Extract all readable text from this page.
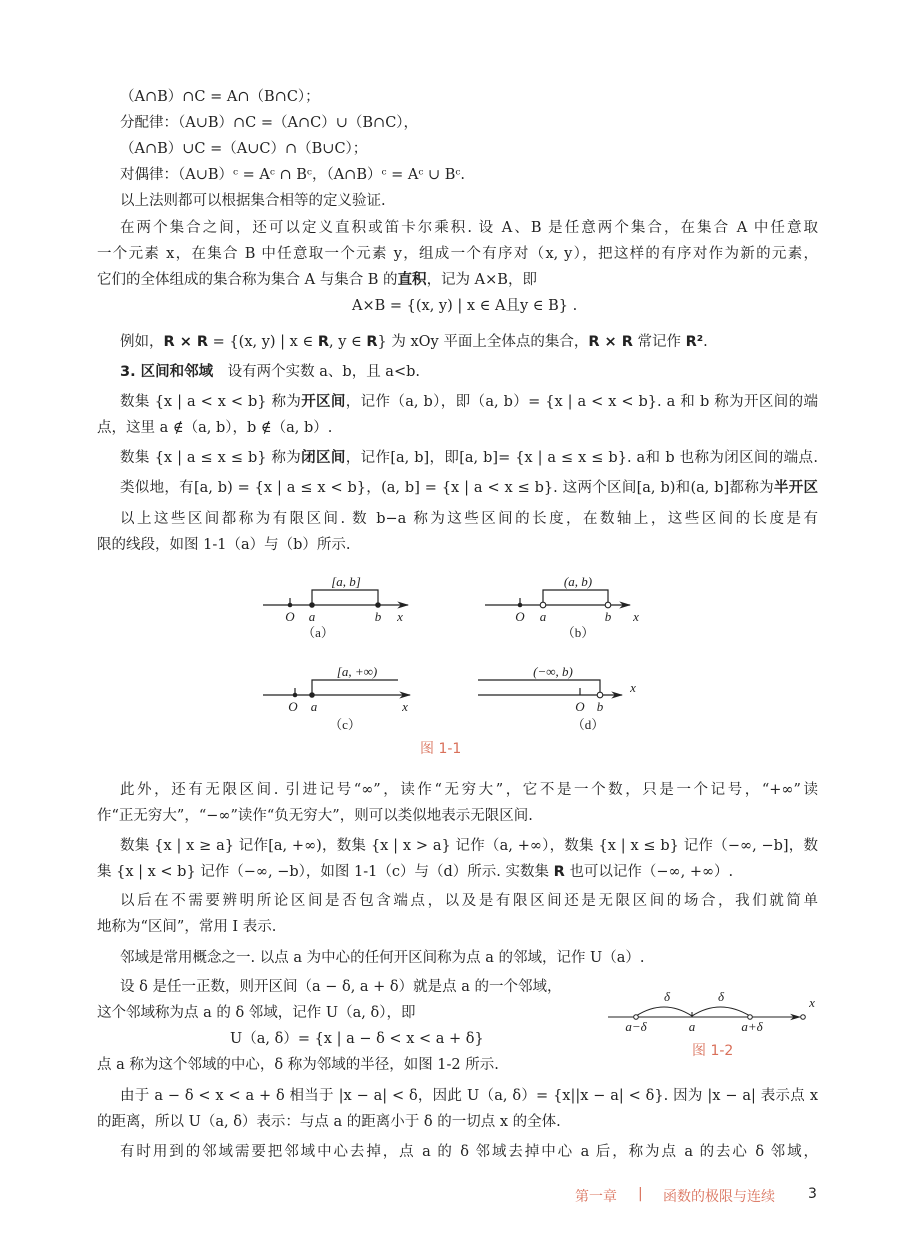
（A∩B）∩C = A∩（B∩C）；
分配律：（A∪B）∩C =（A∩C）∪（B∩C），
（A∩B）∪C =（A∪C）∩（B∪C）；
对偶律：（A∪B）ᶜ = Aᶜ ∩ Bᶜ，（A∩B）ᶜ = Aᶜ ∪ Bᶜ.
以上法则都可以根据集合相等的定义验证.
在两个集合之间，还可以定义直积或笛卡尔乘积. 设 A、B 是任意两个集合，在集合 A 中任意取
一个元素 x，在集合 B 中任意取一个元素 y，组成一个有序对（x, y），把这样的有序对作为新的元素，
它们的全体组成的集合称为集合 A 与集合 B 的直积，记为 A×B，即
A×B = {(x, y) | x ∈ A且y ∈ B} .
例如，R × R = {(x, y) | x ∈ R, y ∈ R} 为 xOy 平面上全体点的集合，R × R 常记作 R².
3. 区间和邻域　设有两个实数 a、b，且 a<b.
数集 {x | a < x < b} 称为开区间，记作（a, b），即（a, b）= {x | a < x < b}. a 和 b 称为开区间的端
点，这里 a ∉（a, b），b ∉（a, b）.
数集 {x | a ≤ x ≤ b} 称为闭区间，记作[a, b]，即[a, b]= {x | a ≤ x ≤ b}. a和 b 也称为闭区间的端点.
类似地，有[a, b) = {x | a ≤ x < b}，(a, b] = {x | a < x ≤ b}. 这两个区间[a, b)和(a, b]都称为半开区
以上这些区间都称为有限区间. 数 b−a 称为这些区间的长度，在数轴上，这些区间的长度是有
限的线段，如图 1-1（a）与（b）所示.
此外，还有无限区间. 引进记号“∞”，读作“无穷大”，它不是一个数，只是一个记号，“+∞”读
作“正无穷大”，“−∞”读作“负无穷大”，则可以类似地表示无限区间.
数集 {x | x ≥ a} 记作[a, +∞)，数集 {x | x > a} 记作（a, +∞），数集 {x | x ≤ b} 记作（−∞, −b]，数
集 {x | x < b} 记作（−∞, −b），如图 1-1（c）与（d）所示. 实数集 R 也可以记作（−∞, +∞）.
以后在不需要辨明所论区间是否包含端点，以及是有限区间还是无限区间的场合，我们就简单
地称为“区间”，常用 I 表示.
邻域是常用概念之一. 以点 a 为中心的任何开区间称为点 a 的邻域，记作 U（a）.
设 δ 是任一正数，则开区间（a − δ, a + δ）就是点 a 的一个邻域，
这个邻域称为点 a 的 δ 邻域，记作 U（a, δ），即
U（a, δ）= {x | a − δ < x < a + δ}
点 a 称为这个邻域的中心，δ 称为邻域的半径，如图 1-2 所示.
由于 a − δ < x < a + δ 相当于 |x − a| < δ，因此 U（a, δ）= {x||x − a| < δ}. 因为 |x − a| 表示点 x
的距离，所以 U（a, δ）表示：与点 a 的距离小于 δ 的一切点 x 的全体.
有时用到的邻域需要把邻域中心去掉，点 a 的 δ 邻域去掉中心 a 后，称为点 a 的去心 δ 邻域，
[a, b]
O a	b x
（a）
(a, b)
O a	b x
（b）
[a, +∞)
O a	x
（c）
(−∞, b)
O b
x
（d）
图 1-1
δ	δ	x
a−δ	a	a+δ
图 1-2
第一章 | 函数的极限与连续 3
